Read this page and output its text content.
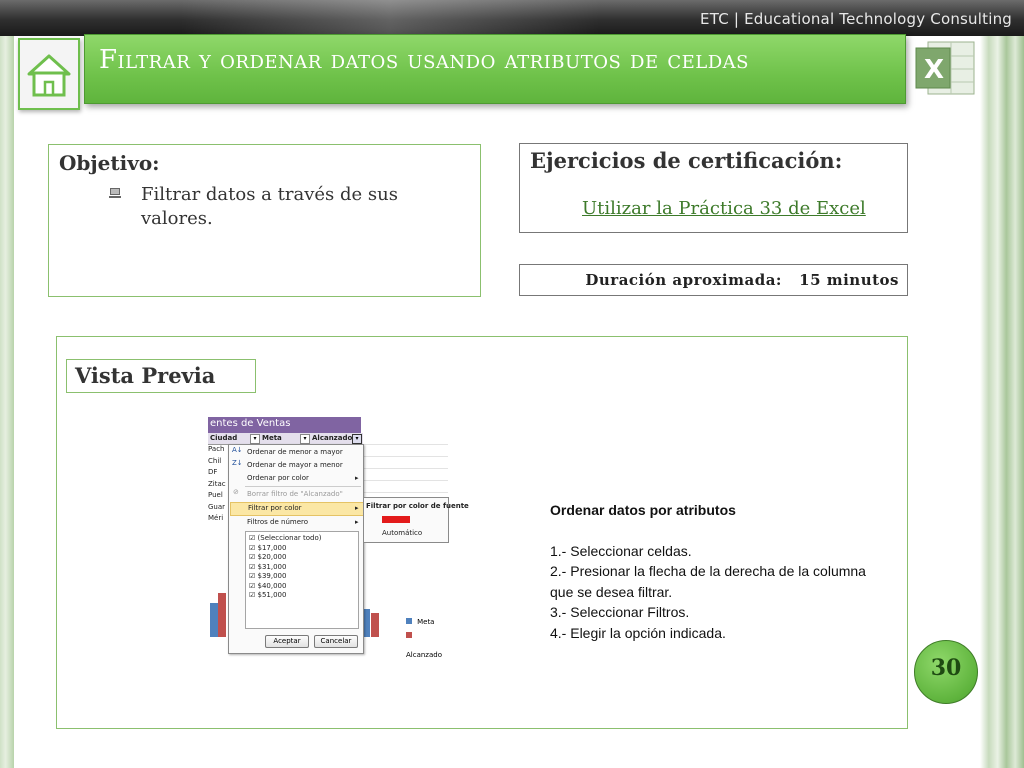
ETC | Educational Technology Consulting
Filtrar y ordenar datos usando atributos de celdas	X
Objetivo:
Filtrar datos a través de sus valores.
Ejercicios de certificación:
Utilizar la Práctica 33 de Excel
Duración aproximada: 15 minutos
Vista Previa
entes de Ventas
Ciudad	▾ Meta	▾ Alcanzado ▾
Pach
Chil
DF
Zitac
Puel
Guar
Méri
Meta
Alcanzado
A↓ Ordenar de menor a mayor
Z↓ Ordenar de mayor a menor
Ordenar por color	▸
⊘ Borrar filtro de "Alcanzado"
Filtrar por color	▸
Filtros de número	▸
☑ (Seleccionar todo)
☑ $17,000
☑ $20,000
☑ $31,000
☑ $39,000
☑ $40,000
☑ $51,000
Aceptar	Cancelar
Filtrar por color de fuente
Automático
Ordenar datos por atributos
1.- Seleccionar celdas.
2.- Presionar la flecha de la derecha de la columna que se desea filtrar.
3.- Seleccionar Filtros.
4.- Elegir la opción indicada.
30
